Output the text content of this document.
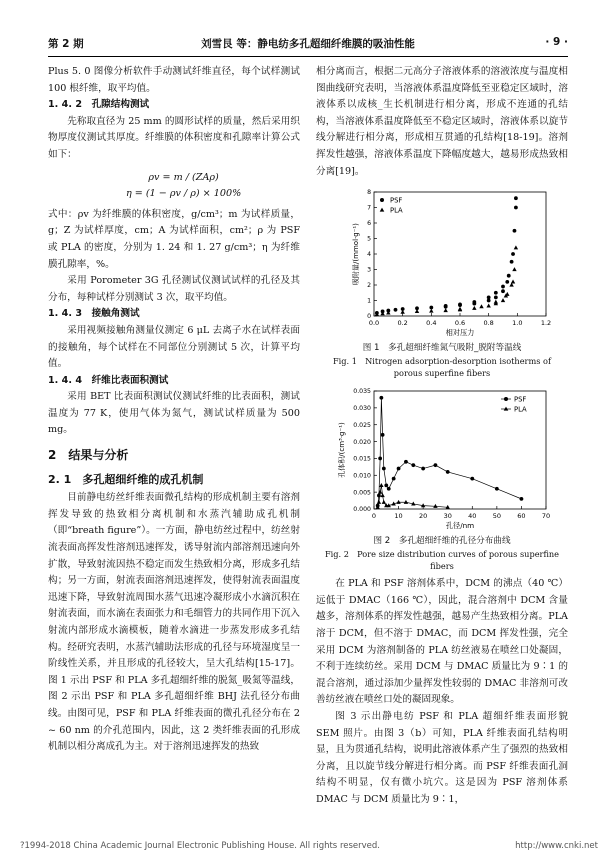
第 2 期	刘雪艮 等：静电纺多孔超细纤维膜的吸油性能	· 9 ·

Plus 5. 0 图像分析软件手动测试纤维直径，每个试样测试 100 根纤维，取平均值。

1. 4. 2　孔隙结构测试

先称取直径为 25 mm 的圆形试样的质量，然后采用织物厚度仪测试其厚度。纤维膜的体积密度和孔隙率计算公式如下：

ρv = m / (ZAρ)

η = (1 − ρv / ρ) × 100%

式中：ρv 为纤维膜的体积密度，g/cm³；m 为试样质量，g；Z 为试样厚度，cm；A 为试样面积，cm²；ρ 为 PSF 或 PLA 的密度，分别为 1. 24 和 1. 27 g/cm³；η 为纤维膜孔隙率，%。

采用 Porometer 3G 孔径测试仪测试试样的孔径及其分布，每种试样分别测试 3 次，取平均值。

1. 4. 3　接触角测试

采用视频接触角测量仪测定 6 μL 去离子水在试样表面的接触角，每个试样在不同部位分别测试 5 次，计算平均值。

1. 4. 4　纤维比表面积测试

采用 BET 比表面积测试仪测试纤维的比表面积，测试温度为 77 K，使用气体为氮气，测试试样质量为 500 mg。

2　结果与分析

2. 1　多孔超细纤维的成孔机制

目前静电纺丝纤维表面微孔结构的形成机制主要有溶剂挥发导致的热致相分离机制和水蒸汽辅助成孔机制（即“breath figure”）。一方面，静电纺丝过程中，纺丝射流表面高挥发性溶剂迅速挥发，诱导射流内部溶剂迅速向外扩散，导致射流因热不稳定而发生热致相分离，形成多孔结构；另一方面，射流表面溶剂迅速挥发，使得射流表面温度迅速下降，导致射流周围水蒸气迅速冷凝形成小水滴沉积在射流表面，而水滴在表面张力和毛细管力的共同作用下沉入射流内部形成水滴模板，随着水滴进一步蒸发形成多孔结构。经研究表明，水蒸汽辅助法形成的孔径与环境湿度呈一阶线性关系，并且形成的孔径较大，呈大孔结构[15-17]。图 1 示出 PSF 和 PLA 多孔超细纤维的脱氮_吸氮等温线，图 2 示出 PSF 和 PLA 多孔超细纤维 BHJ 法孔径分布曲线。由图可见，PSF 和 PLA 纤维表面的微孔孔径分布在 2 ~ 60 nm 的介孔范围内，因此，这 2 类纤维表面的孔形成机制以相分离成孔为主。对于溶剂迅速挥发的热致

相分离而言，根据二元高分子溶液体系的溶液浓度与温度相图曲线研究表明，当溶液体系温度降低至亚稳定区域时，溶液体系以成核_生长机制进行相分离，形成不连通的孔结构，当溶液体系温度降低至不稳定区域时，溶液体系以旋节线分解进行相分离，形成相互贯通的孔结构[18-19]。溶剂挥发性越强，溶液体系温度下降幅度越大，越易形成热致相分离[19]。

0.0	0.2	0.4	0.6	0.8	1.0	1.2
0
1
2
3
4
5
6
7
8
相对压力
吸附量/(mmol·g⁻¹)
PSF
PLA
图 1　多孔超细纤维氮气吸附_脱附等温线
Fig. 1　Nitrogen adsorption-desorption isotherms of
porous superfine fibers
0	10	20	30	40	50	60	70
0.000
0.005
0.010
0.015
0.020
0.025
0.030
0.035
孔径/nm
孔体积/(cm³·g⁻¹)
PSF
PLA
图 2　多孔超细纤维的孔径分布曲线
Fig. 2　Pore size distribution curves of porous superfine fibers

在 PLA 和 PSF 溶剂体系中，DCM 的沸点（40 ℃）远低于 DMAC（166 ℃），因此，混合溶剂中 DCM 含量越多，溶剂体系的挥发性越强，越易产生热致相分离。PLA 溶于 DCM，但不溶于 DMAC，而 DCM 挥发性强，完全采用 DCM 为溶剂制备的 PLA 纺丝液易在喷丝口处凝固，不利于连续纺丝。采用 DCM 与 DMAC 质量比为 9∶1 的混合溶剂，通过添加少量挥发性较弱的 DMAC 非溶剂可改善纺丝液在喷丝口处的凝固现象。

图 3 示出静电纺 PSF 和 PLA 超细纤维表面形貌 SEM 照片。由图 3（b）可知，PLA 纤维表面孔结构明显，且为贯通孔结构，说明此溶液体系产生了强烈的热致相分离，且以旋节线分解进行相分离。而 PSF 纤维表面孔洞结构不明显，仅有微小坑穴。这是因为 PSF 溶剂体系 DMAC 与 DCM 质量比为 9∶1，

?1994-2018 China Academic Journal Electronic Publishing House. All rights reserved.	http://www.cnki.net
